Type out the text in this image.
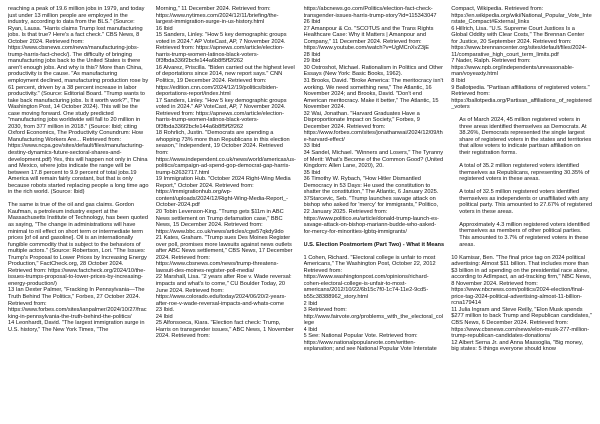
reaching a peak of 19.6 million jobs in 1979, and today just under 13 million people are employed in the industry, according to data from the BLS." (Source: Ryan, Lausa. "Harris claims Trump lost manufacturing jobs. Is that true? Here's a fact check." CBS News, 8 October 2024. Retrieved from: https://www.cbsnews.com/news/manufacturing-jobs-trump-harris-fact-check/). The difficulty of bringing manufacturing jobs back to the United States is there aren't enough jobs. And why is this? More than China, productivity is the cause. "As manufacturing employment declined, manufacturing production rose by 61 percent, driven by a 38 percent increase in labor productivity." (Source: Editorial Board. "Trump wants to take back manufacturing jobs. Is it worth work?", The Washington Post, 14 October 2024). This will be the case moving forward. One study predicted "manufacturing jobs worldwide will fall to 20 million in 2030, from 377 million in 2018." (Source: Ibid; citing Oxford Economics, The Productivity Conundrum: How Manufacturing Workers Are... Retrieved from: https://www.ncpa.gov/sites/default/files/manufacturing-destiny-dynamics-future-sectoral-shares-and-development.pdf) Yes, this will happen not only in China and Mexico, where jobs indicate the range will be between 17.8 percent to 9.9 percent of total jobs.19 America will remain fairly constant, but that is only because robots started replacing people a long time ago in the rich world. (Source: Ibid)

The same is true of the oil and gas claims. Gordon Kaufman, a petroleum industry expert at the Massachusetts Institute of Technology, has been quoted as saying, "The change in administrations will have minimal to nil effect on short term or intermediate term prices [of oil and gasoline]. Oil is an internationally fungible commodity that is subject to the behaviors of multiple actors." (Source: Robertson, Lori. "The Issues: Trump's Proposal to Lower Prices by Increasing Energy Production," FactCheck.org, 28 October 2024. Retrieved from: https://www.factcheck.org/2024/10/the-issues-trumps-proposal-to-lower-prices-by-increasing-energy-production/)

13 Ian Dexter Palmer, "Fracking In Pennsylvania—The Truth Behind The Politics," Forbes, 27 October 2024. Retrieved from: https://www.forbes.com/sites/ianpalmer/2024/10/27/fracking-in-pennsylvania-the-truth-behind-the-politics/

14 Leonhardt, David. "The largest immigration surge in U.S. history," The New York Times, "The

Morning," 11 December 2024. Retrieved from: https://www.nytimes.com/2024/12/11/briefing/the-largest-immigration-surge-in-us-history.html

16 Ibid

15 Sanders, Linley. "How 5 key demographic groups voted in 2024." AP VoteCast, AP, 7 November 2024. Retrieved from: https://apnews.com/article/election-harris-trump-women-latinos-black-voters-0f3fbda336f2bcfe144a6b8f5ff2f262

16 Alvarez, Priscilla. "Biden carried out the highest level of deportations since 2014, new report says." CNN Politics, 19 December 2024. Retrieved from: https://edition.cnn.com/2024/12/19/politics/biden-deportations-report/index.html

17 Sanders, Linley. "How 5 key demographic groups voted in 2024." AP VoteCast, AP, 7 November 2024. Retrieved from: https://apnews.com/article/election-harris-trump-women-latinos-black-voters-0f3fbda336f2bcfe144a6b8f5ff2f262

18 Rohrlich, Justin. "Democrats are spending a whopping 73% more than Republicans in this election season," Independent, 19 October 2024. Retrieved from: https://www.independent.co.uk/news/world/americas/us-politics/campaign-ad-spend-gop-democrat-gap-harris-trump-b2632717.html

19 Immigration Hub. "October 2024 Right-Wing Media Report," October 2024. Retrieved from: https://immigrationhub.org/wp-content/uploads/2024/12/Right-Wing-Media-Report_-October-2024.pdf

20 Tobin Levenson-King. "Trump gets $11m in ABC News settlement on Trump defamation case," BBC News, 15 December 2024. Retrieved from: https://www.bbc.co.uk/news/articles/cgw57qkdy9do

21 Kates, Graham. "Trump sues Des Moines Register over poll, promises more lawsuits against news outlets after ABC News settlement," CBS News, 17 December 2024. Retrieved from: https://www.cbsnews.com/news/trump-threatens-lawsuit-des-moines-register-poll-media/

22 Marshall, Lisa. "2 years after Roe v. Wade reversal: impacts and what's to come," CU Boulder Today, 20 June 2024. Retrieved from: https://www.colorado.edu/today/2024/06/20/2-years-after-roe-v-wade-reversal-impacts-and-whats-come

23 Ibid.

24 Ibid

25 Alfonsoeca, Kiara. "Election fact check: Trump, Harris on transgender issues," ABC News, 1 November 2024. Retrieved from:

https://abcnews.go.com/Politics/election-fact-check-transgender-issues-harris-trump-story?id=115343047

26 Ibid

27 Amanpour & Co. "SCOTUS and the Trans Rights Healthcare Case: Why it Matters | Amanpour and Company," 11 December 2024. Retrieved from: https://www.youtube.com/watch?v=UgMCnXvZ3jE

28 Ibid

29 Ibid

30 Ostroshot, Michael. Rationalism in Politics and Other Essays (New York: Basic Books, 1962).

31 Brooks, David. "Broke America: The meritocracy isn't working. We need something new," The Atlantic, 16 November 2024; and Brooks, David. "Don't end American meritocracy. Make it better," The Atlantic, 15 November 2024.

32 Wai, Jonathan. "Harvard Graduates Have a Disproportionate Impact on Society," Forbes, 9 December 2024. Retrieved from: https://www.forbes.com/sites/jonathanwai/2024/12/09/the-harvard-effect/

33 Ibid

34 Sandel, Michael. "Winners and Losers," The Tyranny of Merit: What's Become of the Common Good? (United Kingdom: Allen Lane, 2020), 20.

35 Ibid

36 Timothy W. Rybach, "How Hitler Dismantled Democracy in 53 Days: He used the constitution to shatter the constitution," The Atlantic, 6 January 2025.

37Starcevic, Seb. "Trump launches savage attack on bishop who asked for 'mercy' for immigrants," Politico, 22 January 2025. Retrieved from: https://www.politico.eu/article/donald-trump-launch-es-savage-attack-on-bishop-mariann-budde-who-asked-for-mercy-for-minorities-lgbtq-immigrants/

U.S. Election Postmortem (Part Two) - What it Means

1 Cohen, Richard. "Electoral college is unfair to most Americans," The Washington Post, October 22, 2012 Retrieved from: https://www.washingtonpost.com/opinions/richard-cohen-electoral-college-is-unfair-to-most-americans/2012/10/22/6b15c7f0-1c74-11e2-9cd5-b55c38388962_story.html

2 Ibid

3 Retrieved from: http://www.fairvote.org/problems_with_the_electoral_college

4 Ibid

5 See: National Popular Vote. Retrieved from: https://www.nationalpopularvote.com/written-explanation; and see National Popular Vote Interstate

Compact, Wikipedia. Retrieved from: https://en.wikipedia.org/wiki/National_Popular_Vote_Interstate_Compact#External_links

6 Hillrich, Lisa. "U.S. Supreme Court Justices Is a Global Oddity with Clear Costs," The Brennan Center for Justice, 20 September 2024. Retrieved from: https://www.brennancenter.org/sites/default/files/2024-11/comparative_high_court_term_limits.pdf

7 Nader, Ralph. Retrieved from: https://www.npb.org/independents/unreasonable-man/voyeaxty.html

8 Ibid

9 Ballotpedia. "Partisan affiliations of registered voters." Retrieved from: https://ballotpedia.org/Partisan_affiliations_of_registered_voters

• As of March 2024, 45 million registered voters in three areas identified themselves as Democrats. At 38.26%, Democrats represented the single largest share of registered voters in the states and territories that allow voters to indicate partisan affiliation on their registration forms.
• A total of 35.2 million registered voters identified themselves as Republicans, representing 30.35% of registered voters in these areas.
• A total of 32.5 million registered voters identified themselves as independents or unaffiliated with any political party. This amounted to 27.67% of registered voters in these areas.
• Approximately 4.3 million registered voters identified themselves as members of other political parties. This amounted to 3.7% of registered voters in these areas.

10 Kamisar, Ben. "The final price tag on 2024 political advertising: Almost $11 billion. That includes more than $3 billion in ad spending on the presidential race alone, according to AdImpact, an ad-tracking firm," NBC News, 8 November 2024. Retrieved from: https://www.nbcnews.com/politics/2024-election/final-price-tag-2024-political-advertising-almost-11-billion-rcna179414

11 Julia Ingram and Steve Reilly, "Elon Musk spends $277 million to back Trump and Republican candidates," CBS News, 6 December 2024. Retrieved from: https://www.cbsnews.com/news/elon-musk-277-million-trump-republican-candidates-donations/

12 Albert Serna Jr. and Anna Massoglia, "Big money, big states: 5 things everyone should know
